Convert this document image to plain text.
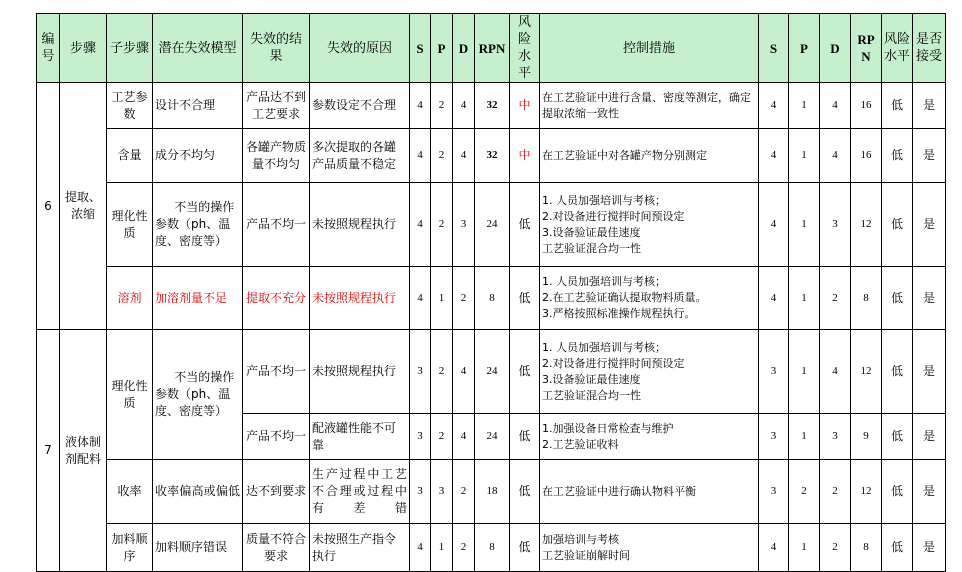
编号	步骤	子步骤	潜在失效模型	失效的结果	失效的原因	S	P	D	RPN	风险水平	控制措施	S	P	D	RPN	风险水平	是否接受
6	提取、浓缩	工艺参数	设计不合理	产品达不到工艺要求	参数设定不合理	4	2	4	32	中	在工艺验证中进行含量、密度等测定，确定提取浓缩一致性	4	1	4	16	低	是
		含量	成分不均匀	各罐产物质量不均匀	多次提取的各罐产品质量不稳定	4	2	4	32	中	在工艺验证中对各罐产物分别测定	4	1	4	16	低	是
		理化性质	不当的操作参数（ph、温度、密度等）	产品不均一	未按照规程执行	4	2	3	24	低	1. 人员加强培训与考核；
2.对设备进行搅拌时间预设定
3.设备验证最佳速度
工艺验证混合均一性	4	1	3	12	低	是
		溶剂	加溶剂量不足	提取不充分	未按照规程执行	4	1	2	8	低	1. 人员加强培训与考核；
2.在工艺验证确认提取物料质量。
3.严格按照标准操作规程执行。	4	1	2	8	低	是
7	液体制剂配料	理化性质	不当的操作参数（ph、温度、密度等）	产品不均一	未按照规程执行	3	2	4	24	低	1. 人员加强培训与考核；
2.对设备进行搅拌时间预设定
3.设备验证最佳速度
工艺验证混合均一性	3	1	4	12	低	是
				产品不均一	配液罐性能不可靠	3	2	4	24	低	1.加强设备日常检查与维护
2.工艺验证收料	3	1	3	9	低	是
		收率	收率偏高或偏低	达不到要求	生产过程中工艺不合理或过程中有差错	3	3	2	18	低	在工艺验证中进行确认物料平衡	3	2	2	12	低	是
		加料顺序	加料顺序错误	质量不符合要求	未按照生产指令执行	4	1	2	8	低	加强培训与考核
工艺验证崩解时间	4	1	2	8	低	是
